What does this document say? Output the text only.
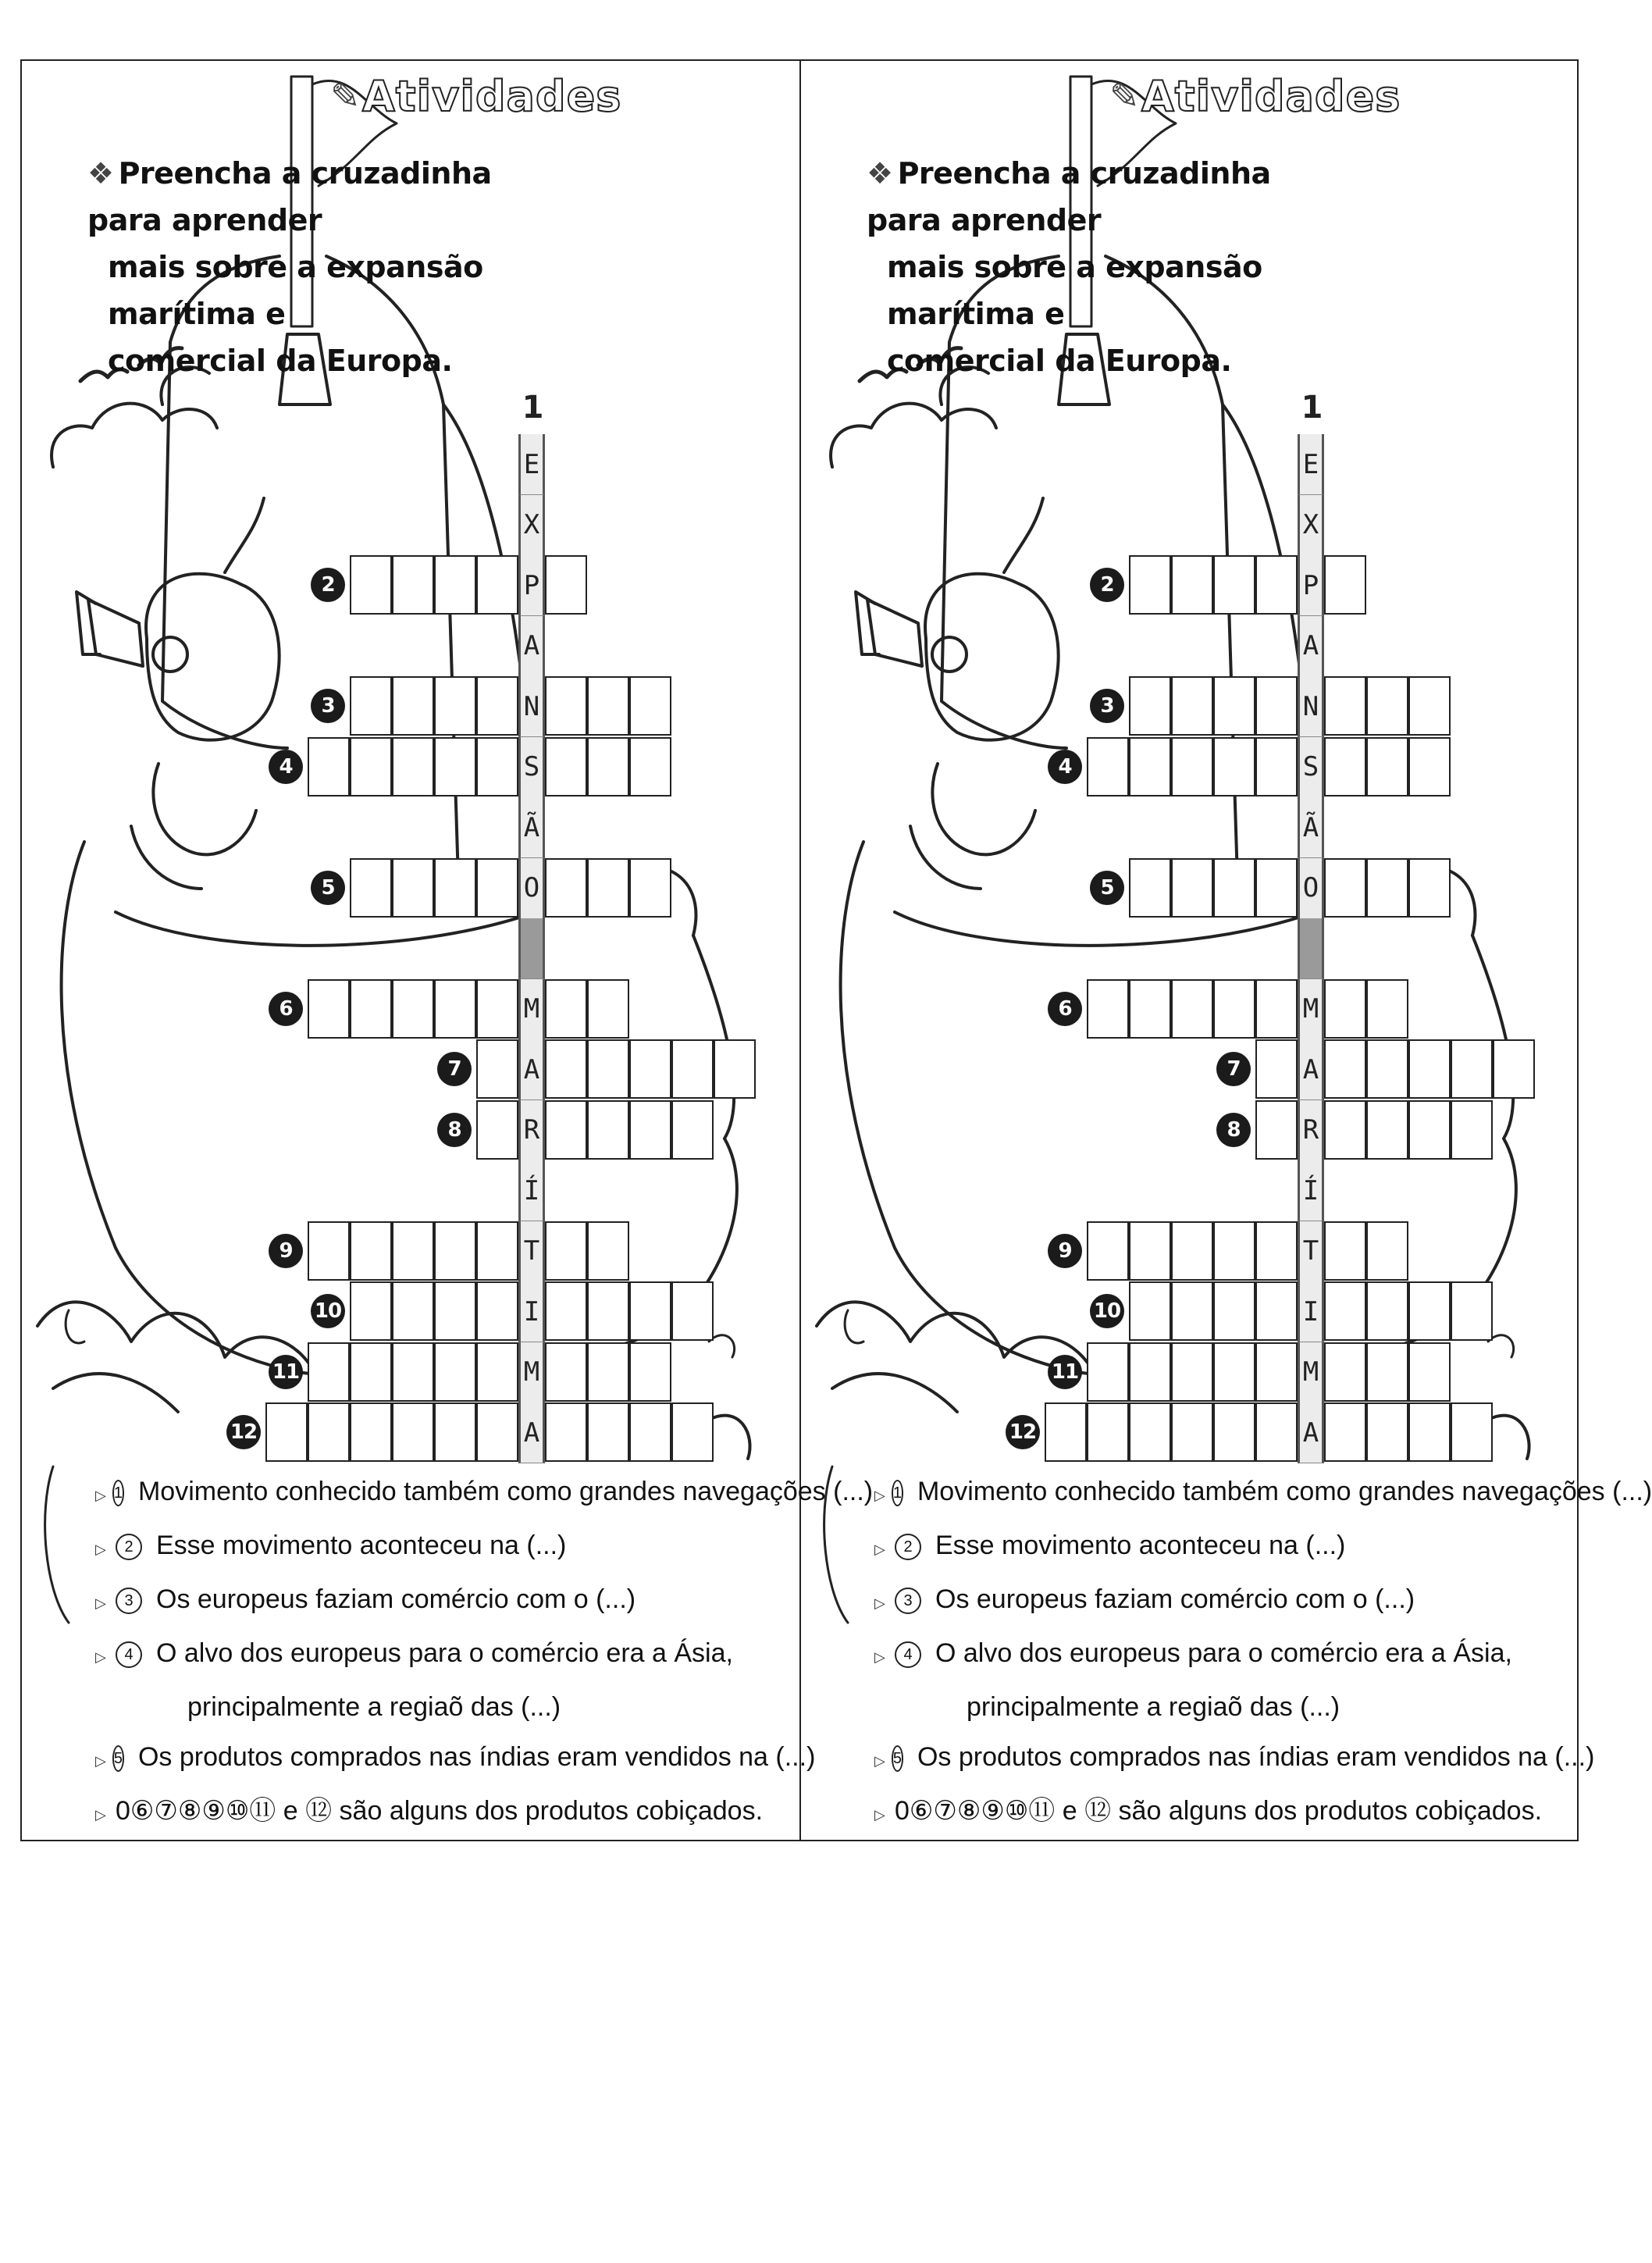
✎ Atividades
❖ Preencha a cruzadinha para aprender
mais sobre a expansão marítima e
comercial da Europa.
1
E
X
P
2
A
N
3
S
4
Ã
O
5
M
6
A
7
R
8
Í
T
9
I
10
M
11
A
12
▷ 1 Movimento conhecido também como grandes navegações (...)
▷	2 Esse movimento aconteceu na (...)
▷	3 Os europeus faziam comércio com o (...)
▷	4 O alvo dos europeus para o comércio era a Ásia,
principalmente a regiaõ das (...)
▷ 5 Os produtos comprados nas índias eram vendidos na (...)
▷ 0⑥⑦⑧⑨⑩⑪ e ⑫ são alguns dos produtos cobiçados.
✎ Atividades
❖ Preencha a cruzadinha para aprender
mais sobre a expansão marítima e
comercial da Europa.
1
E
X
P
2
A
N
3
S
4
Ã
O
5
M
6
A
7
R
8
Í
T
9
I
10
M
11
A
12
▷ 1 Movimento conhecido também como grandes navegações (...)
▷	2 Esse movimento aconteceu na (...)
▷	3 Os europeus faziam comércio com o (...)
▷	4 O alvo dos europeus para o comércio era a Ásia,
principalmente a regiaõ das (...)
▷ 5 Os produtos comprados nas índias eram vendidos na (...)
▷ 0⑥⑦⑧⑨⑩⑪ e ⑫ são alguns dos produtos cobiçados.
